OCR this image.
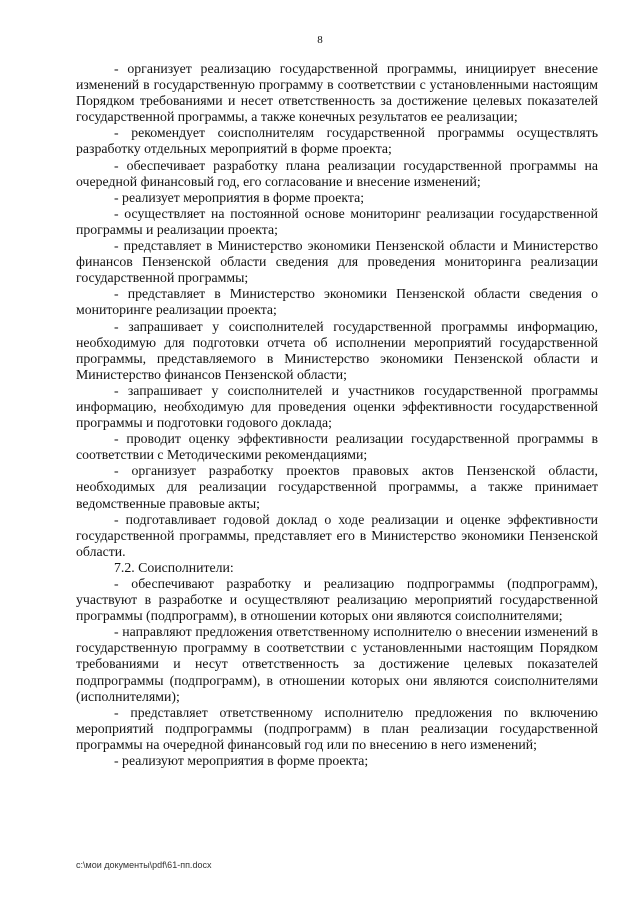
8

- организует реализацию государственной программы, инициирует внесение изменений в государственную программу в соответствии с установленными настоящим Порядком требованиями и несет ответственность за достижение целевых показателей государственной программы, а также конечных результатов ее реализации;

- рекомендует соисполнителям государственной программы осуществлять разработку отдельных мероприятий в форме проекта;

- обеспечивает разработку плана реализации государственной программы на очередной финансовый год, его согласование и внесение изменений;

- реализует мероприятия в форме проекта;

- осуществляет на постоянной основе мониторинг реализации государственной программы и реализации проекта;

- представляет в Министерство экономики Пензенской области и Министерство финансов Пензенской области сведения для проведения мониторинга реализации государственной программы;

- представляет в Министерство экономики Пензенской области сведения о мониторинге реализации проекта;

- запрашивает у соисполнителей государственной программы информацию, необходимую для подготовки отчета об исполнении мероприятий государственной программы, представляемого в Министерство экономики Пензенской области и Министерство финансов Пензенской области;

- запрашивает у соисполнителей и участников государственной программы информацию, необходимую для проведения оценки эффективности государственной программы и подготовки годового доклада;

- проводит оценку эффективности реализации государственной программы в соответствии с Методическими рекомендациями;

- организует разработку проектов правовых актов Пензенской области, необходимых для реализации государственной программы, а также принимает ведомственные правовые акты;

- подготавливает годовой доклад о ходе реализации и оценке эффективности государственной программы, представляет его в Министерство экономики Пензенской области.

7.2. Соисполнители:

- обеспечивают разработку и реализацию подпрограммы (подпрограмм), участвуют в разработке и осуществляют реализацию мероприятий государственной программы (подпрограмм), в отношении которых они являются соисполнителями;

- направляют предложения ответственному исполнителю о внесении изменений в государственную программу в соответствии с установленными настоящим Порядком требованиями и несут ответственность за достижение целевых показателей подпрограммы (подпрограмм), в отношении которых они являются соисполнителями (исполнителями);

- представляет ответственному исполнителю предложения по включению мероприятий подпрограммы (подпрограмм) в план реализации государственной программы на очередной финансовый год или по внесению в него изменений;

- реализуют мероприятия в форме проекта;

c:\мои документы\pdf\61-пп.docx
